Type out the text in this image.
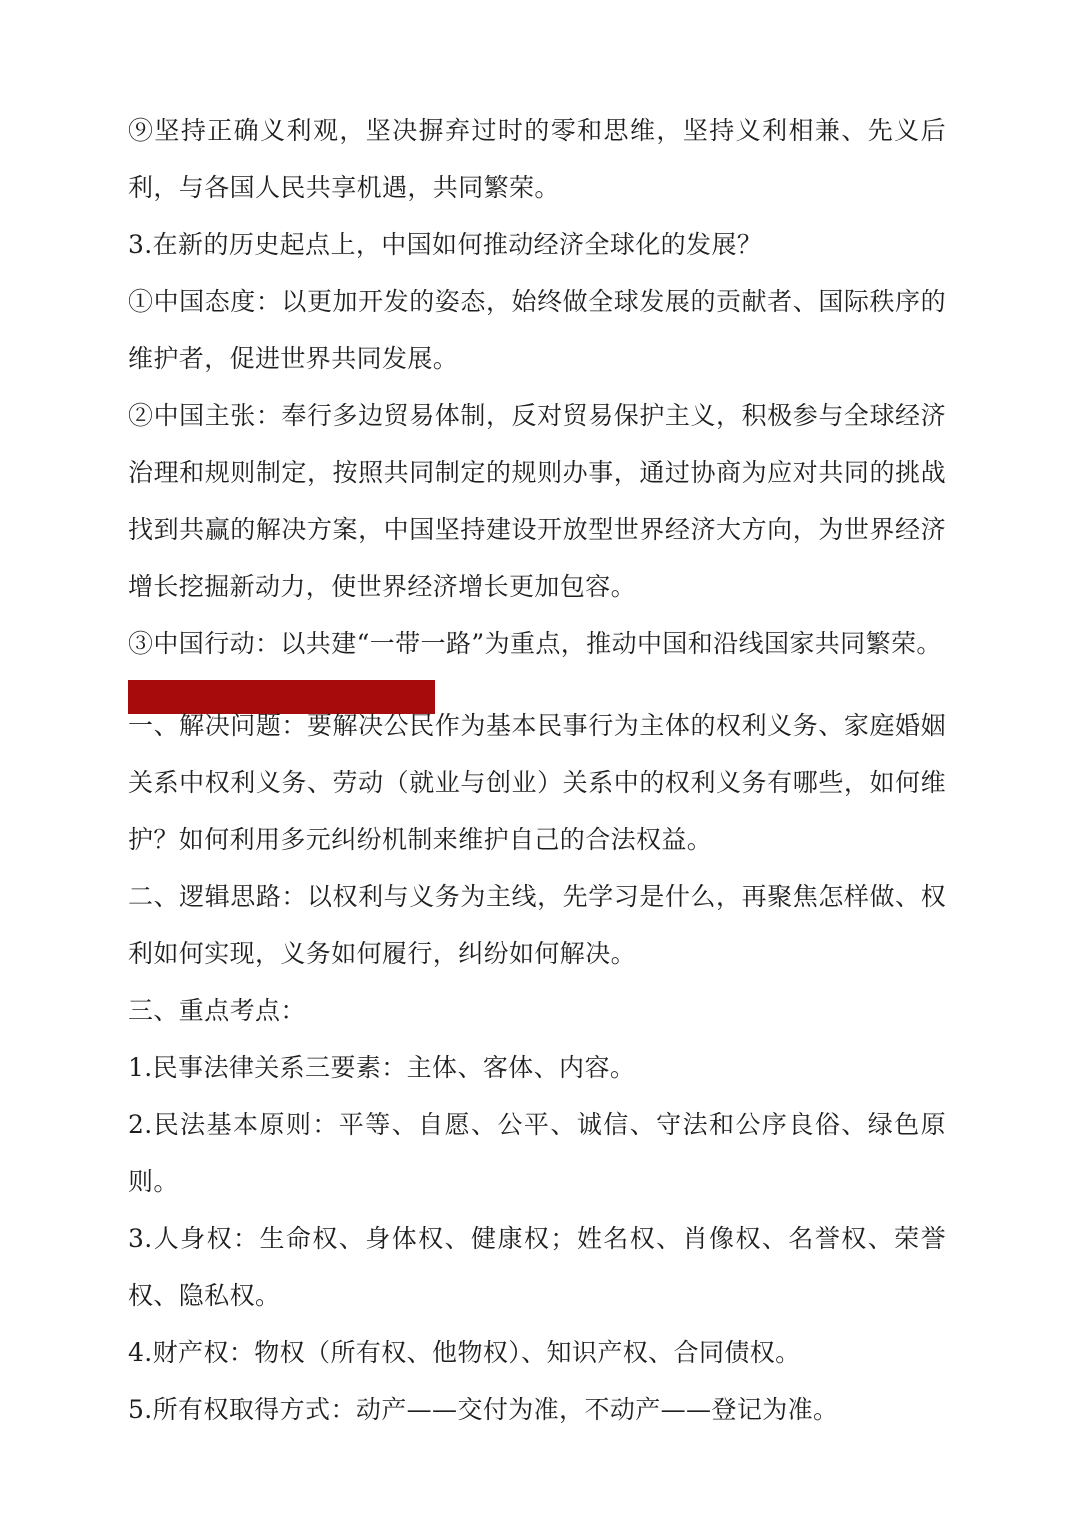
⑨坚持正确义利观，坚决摒弃过时的零和思维，坚持义利相兼、先义后利，与各国人民共享机遇，共同繁荣。

3.在新的历史起点上，中国如何推动经济全球化的发展？

①中国态度：以更加开发的姿态，始终做全球发展的贡献者、国际秩序的维护者，促进世界共同发展。

②中国主张：奉行多边贸易体制，反对贸易保护主义，积极参与全球经济治理和规则制定，按照共同制定的规则办事，通过协商为应对共同的挑战找到共赢的解决方案，中国坚持建设开放型世界经济大方向，为世界经济增长挖掘新动力，使世界经济增长更加包容。

③中国行动：以共建“一带一路”为重点，推动中国和沿线国家共同繁荣。

一、解决问题：要解决公民作为基本民事行为主体的权利义务、家庭婚姻关系中权利义务、劳动（就业与创业）关系中的权利义务有哪些，如何维护？如何利用多元纠纷机制来维护自己的合法权益。

二、逻辑思路：以权利与义务为主线，先学习是什么，再聚焦怎样做、权利如何实现，义务如何履行，纠纷如何解决。

三、重点考点：

1.民事法律关系三要素：主体、客体、内容。

2.民法基本原则：平等、自愿、公平、诚信、守法和公序良俗、绿色原则。

3.人身权：生命权、身体权、健康权；姓名权、肖像权、名誉权、荣誉权、隐私权。

4.财产权：物权（所有权、他物权）、知识产权、合同债权。

5.所有权取得方式：动产——交付为准，不动产——登记为准。
